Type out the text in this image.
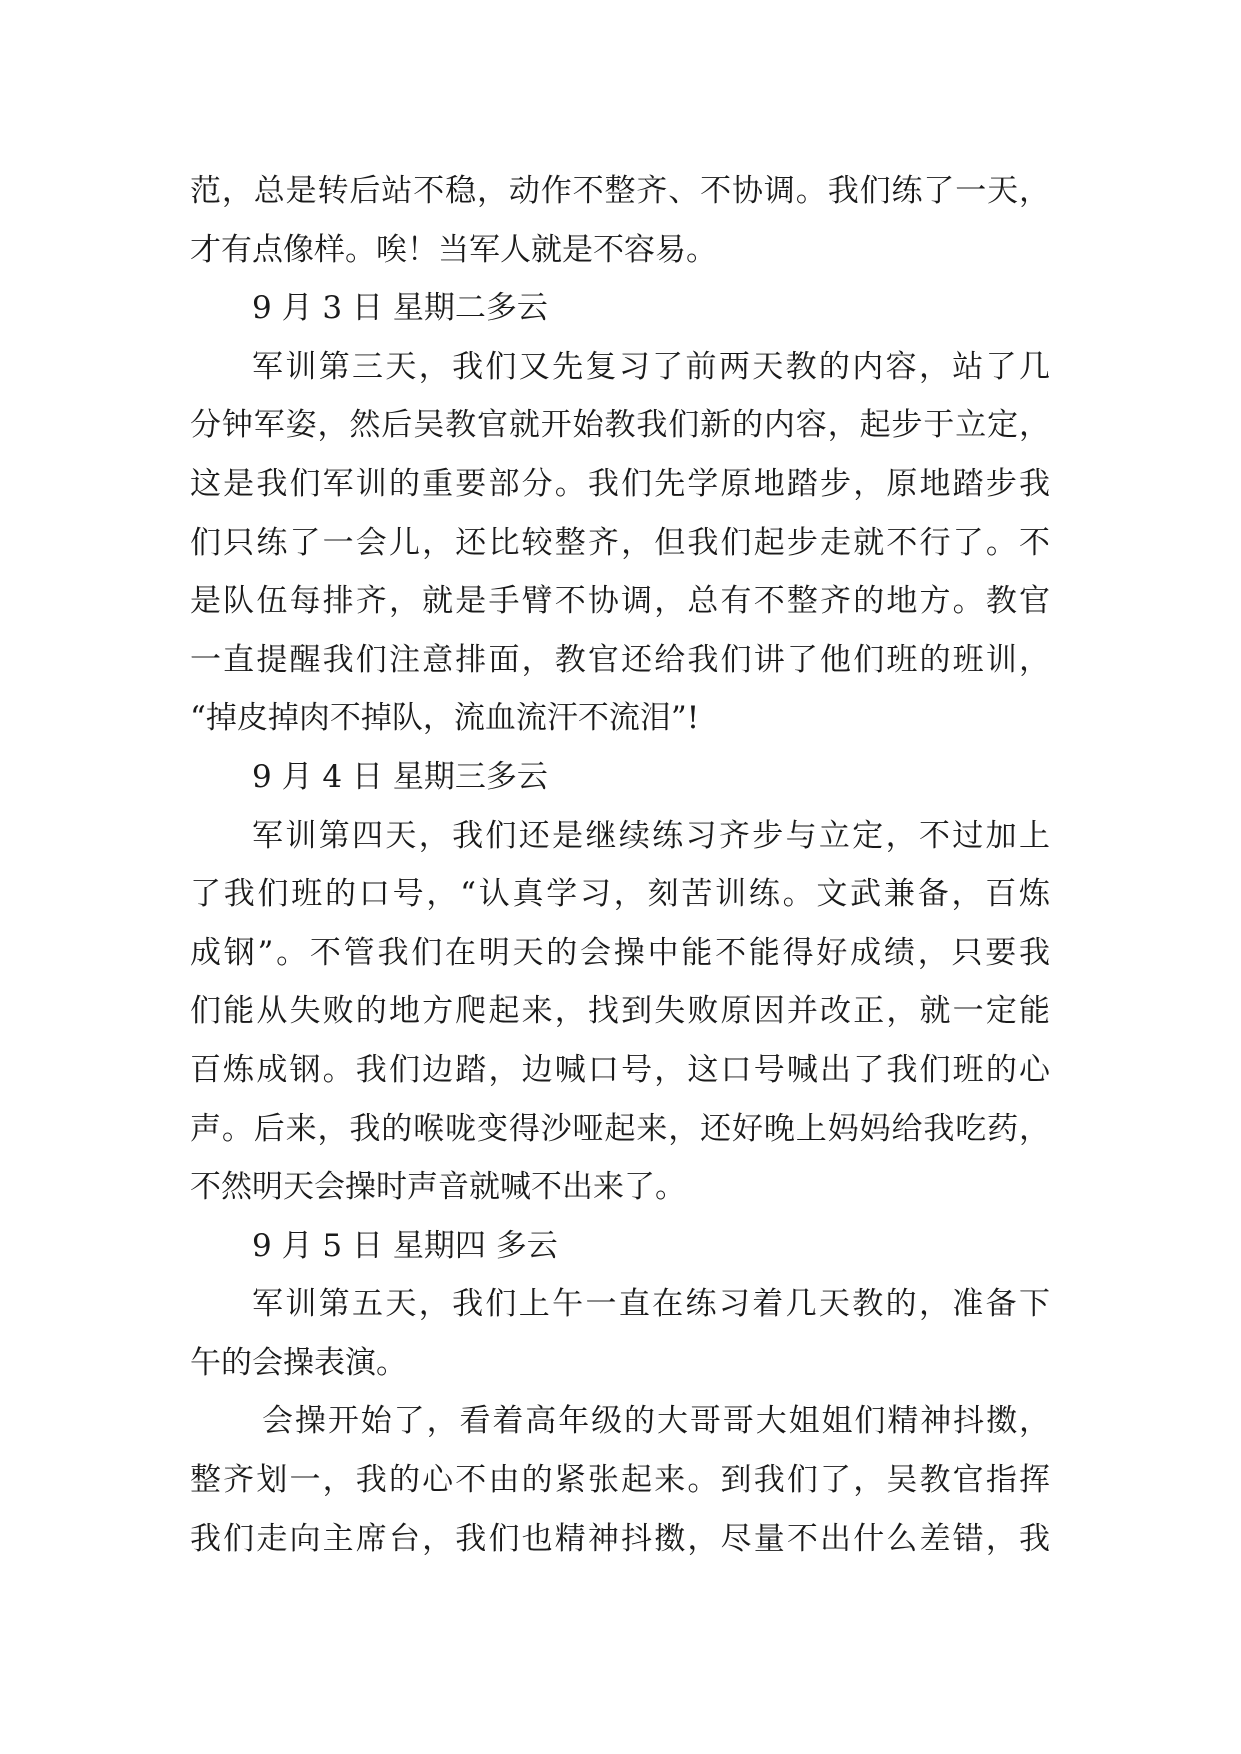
范，总是转后站不稳，动作不整齐、不协调。我们练了一天，
才有点像样。唉！当军人就是不容易。
9 月 3 日 星期二多云
军训第三天，我们又先复习了前两天教的内容，站了几
分钟军姿，然后吴教官就开始教我们新的内容，起步于立定，
这是我们军训的重要部分。我们先学原地踏步，原地踏步我
们只练了一会儿，还比较整齐，但我们起步走就不行了。不
是队伍每排齐，就是手臂不协调，总有不整齐的地方。教官
一直提醒我们注意排面，教官还给我们讲了他们班的班训，
“掉皮掉肉不掉队，流血流汗不流泪”!
9 月 4 日 星期三多云
军训第四天，我们还是继续练习齐步与立定，不过加上
了我们班的口号，“认真学习，刻苦训练。文武兼备，百炼
成钢”。不管我们在明天的会操中能不能得好成绩，只要我
们能从失败的地方爬起来，找到失败原因并改正，就一定能
百炼成钢。我们边踏，边喊口号，这口号喊出了我们班的心
声。后来，我的喉咙变得沙哑起来，还好晚上妈妈给我吃药，
不然明天会操时声音就喊不出来了。
9 月 5 日 星期四 多云
军训第五天，我们上午一直在练习着几天教的，准备下
午的会操表演。
会操开始了，看着高年级的大哥哥大姐姐们精神抖擞，
整齐划一，我的心不由的紧张起来。到我们了，吴教官指挥
我们走向主席台，我们也精神抖擞，尽量不出什么差错，我
